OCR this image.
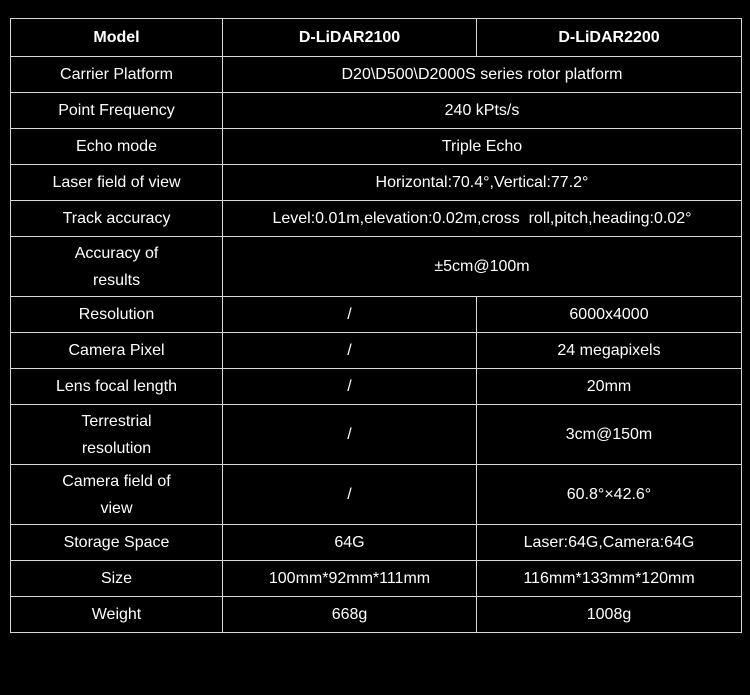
Model	D-LiDAR2100	D-LiDAR2200
Carrier Platform	D20\D500\D2000S series rotor platform	
Point Frequency	240 kPts/s	
Echo mode	Triple Echo	
Laser field of view	Horizontal:70.4°,Vertical:77.2°	
Track accuracy	Level:0.01m,elevation:0.02m,cross  roll,pitch,heading:0.02°	
Accuracy of
results	±5cm@100m	
Resolution	/	6000x4000
Camera Pixel	/	24 megapixels
Lens focal length	/	20mm
Terrestrial
resolution	/	3cm@150m
Camera field of
view	/	60.8°×42.6°
Storage Space	64G	Laser:64G,Camera:64G
Size	100mm*92mm*111mm	116mm*133mm*120mm
Weight	668g	1008g
